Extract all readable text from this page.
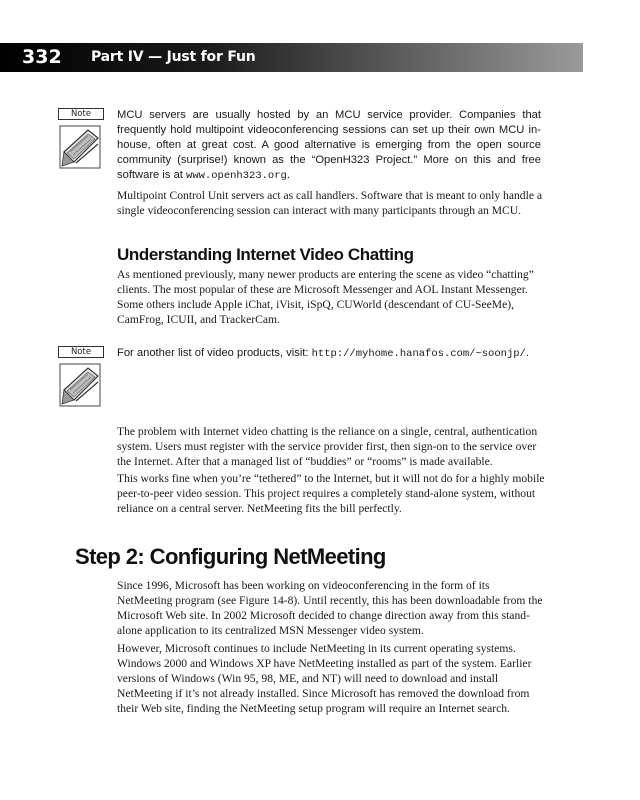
332 Part IV — Just for Fun
Note	MCU servers are usually hosted by an MCU service provider. Companies that frequently hold multipoint videoconferencing sessions can set up their own MCU in-house, often at great cost. A good alternative is emerging from the open source community (surprise!) known as the “OpenH323 Project.” More on this and free software is at www.openh323.org.

Multipoint Control Unit servers act as call handlers. Software that is meant to only handle a single videoconferencing session can interact with many participants through an MCU.

Understanding Internet Video Chatting

As mentioned previously, many newer products are entering the scene as video “chatting” clients. The most popular of these are Microsoft Messenger and AOL Instant Messenger. Some others include Apple iChat, iVisit, iSpQ, CUWorld (descendant of CU-SeeMe), CamFrog, ICUII, and TrackerCam.

Note	For another list of video products, visit: http://myhome.hanafos.com/~soonjp/.

The problem with Internet video chatting is the reliance on a single, central, authentication system. Users must register with the service provider first, then sign-on to the service over the Internet. After that a managed list of “buddies” or “rooms” is made available.

This works fine when you’re “tethered” to the Internet, but it will not do for a highly mobile peer-to-peer video session. This project requires a completely stand-alone system, without reliance on a central server. NetMeeting fits the bill perfectly.

Step 2: Configuring NetMeeting

Since 1996, Microsoft has been working on videoconferencing in the form of its NetMeeting program (see Figure 14-8). Until recently, this has been downloadable from the Microsoft Web site. In 2002 Microsoft decided to change direction away from this stand-alone application to its centralized MSN Messenger video system.

However, Microsoft continues to include NetMeeting in its current operating systems. Windows 2000 and Windows XP have NetMeeting installed as part of the system. Earlier versions of Windows (Win 95, 98, ME, and NT) will need to download and install NetMeeting if it’s not already installed. Since Microsoft has removed the download from their Web site, finding the NetMeeting setup program will require an Internet search.
